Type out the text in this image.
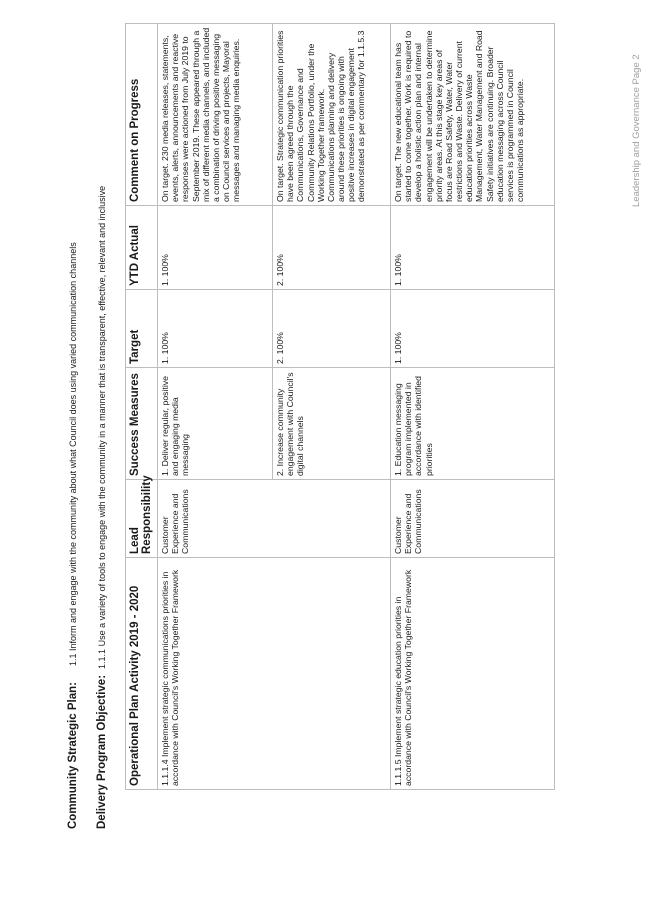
Community Strategic Plan:1.1 Inform and engage with the community about what Council does using varied communication channels
Delivery Program Objective:1.1.1 Use a variety of tools to engage with the community in a manner that is transparent, effective, relevant and inclusive
Operational Plan Activity 2019 - 2020	Lead Responsibility	Success Measures	Target	YTD Actual	Comment on Progress
1.1.1.4 Implement strategic communications priorities in accordance with Council's Working Together Framework	Customer Experience and Communications	1. Deliver regular, positive and engaging media messaging	1. 100%	1. 100%	On target. 230 media releases, statements, events, alerts, announcements and reactive responses were actioned from July 2019 to September 2019. These appeared through a mix of different media channels, and included a combination of driving positive messaging on Council services and projects, Mayoral messages and managing media enquiries.
		2. Increase community engagement with Council's digital channels	2. 100%	2. 100%	On target. Strategic communication priorities have been agreed through the Communications, Governance and Community Relations Portfolio, under the Working Together framework. Communications planning and delivery around these priorities is ongoing with positive increases in digital engagement demonstrated as per commentary for 1.1.5.3
1.1.1.5 Implement strategic education priorities in accordance with Council's Working Together Framework	Customer Experience and Communications	1. Education messaging program implemented in accordance with identified priorities	1. 100%	1. 100%	On target. The new educational team has started to come together. Work is required to develop a holistic action plan and internal engagement will be undertaken to determine priority areas. At this stage key areas of focus are Road Safety, Water, Water restrictions and Waste. Delivery of current education priorities across Waste Management, Water Management and Road Safety initiatives are continuing. Broader education messaging across Council services is programmed in Council communications as appropriate.	Leadership and Governance Page 2
